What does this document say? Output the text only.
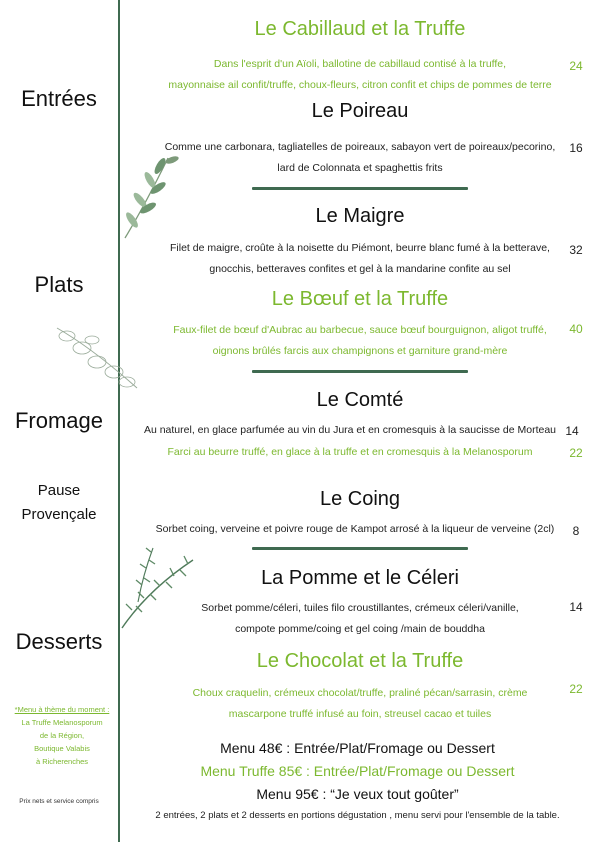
Entrées
Plats
Fromage
Pause
Provençale
Desserts
*Menu à thème du moment :
La Truffe Melanosporum
de la Région,
Boutique Valabis
à Richerenches
Prix nets et service compris
Le Cabillaud et la Truffe
Dans l'esprit d'un Aïoli, ballotine de cabillaud contisé à la truffe,
mayonnaise ail confit/truffe, choux-fleurs, citron confit et chips de pommes de terre
24
Le Poireau
Comme une carbonara, tagliatelles de poireaux, sabayon vert de poireaux/pecorino,
lard de Colonnata et spaghettis frits
16
Le Maigre
Filet de maigre, croûte à la noisette du Piémont, beurre blanc fumé à la betterave,
gnocchis, betteraves confites et gel à la mandarine confite au sel
32
Le Bœuf et la Truffe
Faux-filet de bœuf d'Aubrac au barbecue, sauce bœuf bourguignon, aligot truffé,
oignons brûlés farcis aux champignons et garniture grand-mère
40
Le Comté
Au naturel, en glace parfumée au vin du Jura et en cromesquis à la saucisse de Morteau 14
Farci au beurre truffé, en glace à la truffe et en cromesquis à la Melanosporum	22
Le Coing
Sorbet coing, verveine et poivre rouge de Kampot arrosé à la liqueur de verveine (2cl)	8
La Pomme et le Céleri
Sorbet pomme/céleri, tuiles filo croustillantes, crémeux céleri/vanille,
compote pomme/coing et gel coing /main de bouddha
14
Le Chocolat et la Truffe
Choux craquelin, crémeux chocolat/truffe, praliné pécan/sarrasin, crème
mascarpone truffé infusé au foin, streusel cacao et tuiles
22
Menu 48€ : Entrée/Plat/Fromage ou Dessert
Menu Truffe 85€ : Entrée/Plat/Fromage ou Dessert
Menu 95€ : “Je veux tout goûter”
2 entrées, 2 plats et 2 desserts en portions dégustation , menu servi pour l'ensemble de la table.
